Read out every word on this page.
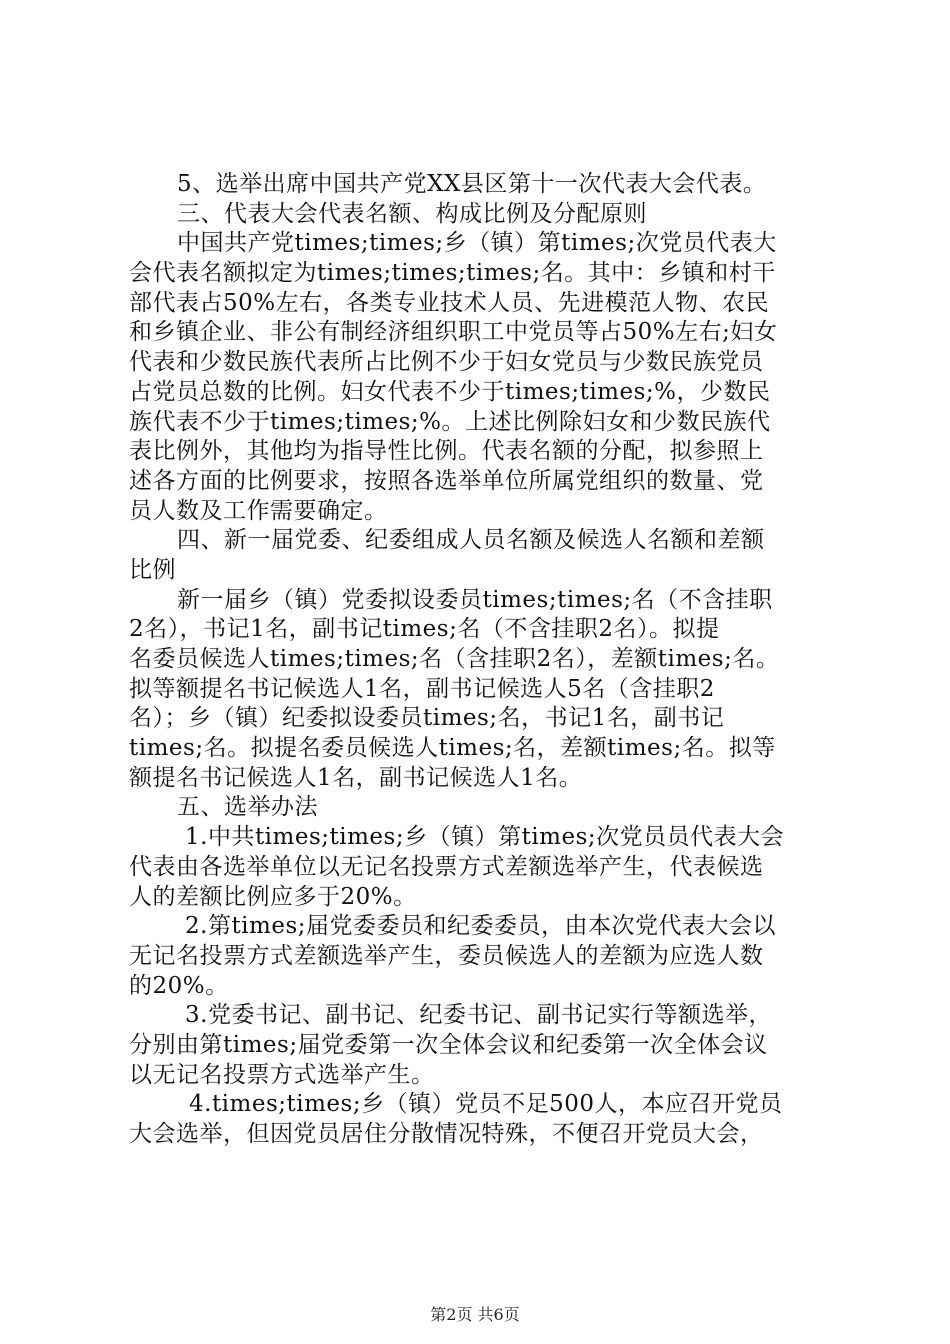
5、选举出席中国共产党XX县区第十一次代表大会代表。
三、代表大会代表名额、构成比例及分配原则
中国共产党times;times;乡（镇）第times;次党员代表大
会代表名额拟定为times;times;times;名。其中：乡镇和村干
部代表占50%左右，各类专业技术人员、先进模范人物、农民
和乡镇企业、非公有制经济组织职工中党员等占50%左右;妇女
代表和少数民族代表所占比例不少于妇女党员与少数民族党员
占党员总数的比例。妇女代表不少于times;times;%，少数民
族代表不少于times;times;%。上述比例除妇女和少数民族代
表比例外，其他均为指导性比例。代表名额的分配，拟参照上
述各方面的比例要求，按照各选举单位所属党组织的数量、党
员人数及工作需要确定。
四、新一届党委、纪委组成人员名额及候选人名额和差额
比例
新一届乡（镇）党委拟设委员times;times;名（不含挂职
2名），书记1名，副书记times;名（不含挂职2名）。拟提
名委员候选人times;times;名（含挂职2名），差额times;名。
拟等额提名书记候选人1名，副书记候选人5名（含挂职2
名）；乡（镇）纪委拟设委员times;名，书记1名，副书记
times;名。拟提名委员候选人times;名，差额times;名。拟等
额提名书记候选人1名，副书记候选人1名。
五、选举办法
1.中共times;times;乡（镇）第times;次党员员代表大会
代表由各选举单位以无记名投票方式差额选举产生，代表候选
人的差额比例应多于20%。
2.第times;届党委委员和纪委委员，由本次党代表大会以
无记名投票方式差额选举产生，委员候选人的差额为应选人数
的20%。
3.党委书记、副书记、纪委书记、副书记实行等额选举，
分别由第times;届党委第一次全体会议和纪委第一次全体会议
以无记名投票方式选举产生。
4.times;times;乡（镇）党员不足500人，本应召开党员
大会选举，但因党员居住分散情况特殊，不便召开党员大会，
第2页 共6页
